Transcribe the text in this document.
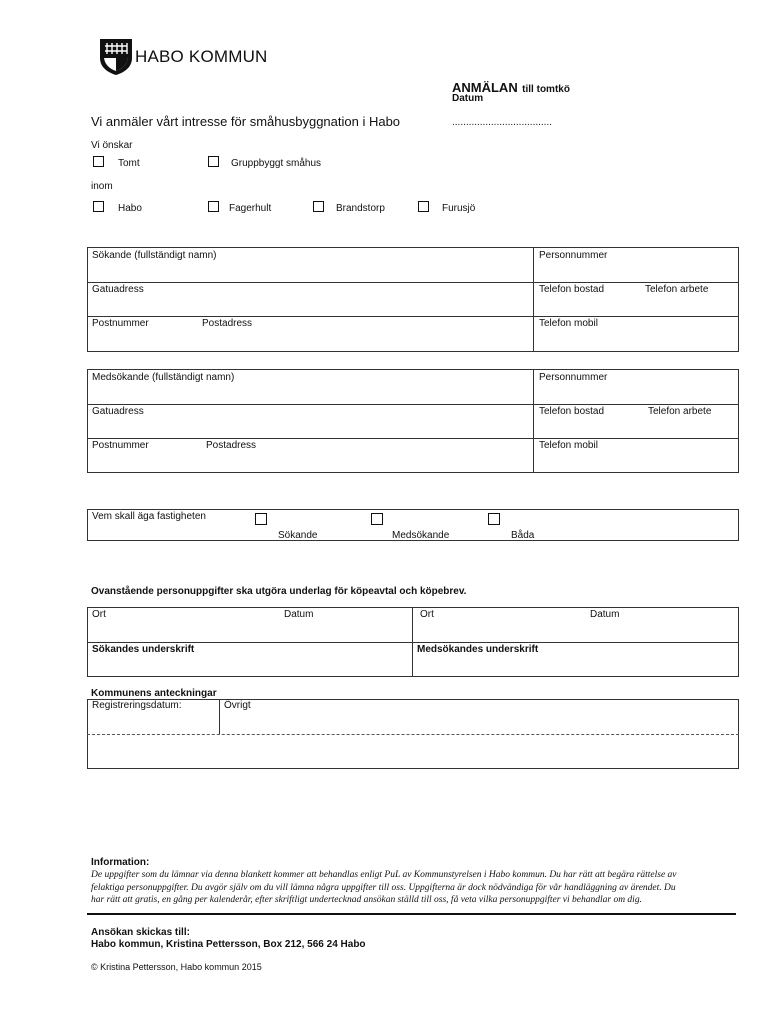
HABO KOMMUN
ANMÄLAN till tomtkö
Datum
Vi anmäler vårt intresse för småhusbyggnation i Habo	....................................
Vi önskar
Tomt	Gruppbyggt småhus
inom
Habo	Fagerhult	Brandstorp	Furusjö
Sökande (fullständigt namn)	Personnummer
Gatuadress	Telefon bostad	Telefon arbete
Postnummer	Postadress	Telefon mobil
Medsökande (fullständigt namn)	Personnummer
Gatuadress	Telefon bostad	Telefon arbete
Postnummer	Postadress	Telefon mobil
Vem skall äga fastigheten
Sökande	Medsökande	Båda
Ovanstående personuppgifter ska utgöra underlag för köpeavtal och köpebrev.
Ort	Datum	Ort	Datum
Sökandes underskrift	Medsökandes underskrift
Kommunens anteckningar
Registreringsdatum:	Övrigt
Information:
De uppgifter som du lämnar via denna blankett kommer att behandlas enligt PuL av Kommunstyrelsen i Habo kommun. Du har rätt att begära rättelse av
felaktiga personuppgifter. Du avgör själv om du vill lämna några uppgifter till oss. Uppgifterna är dock nödvändiga för vår handläggning av ärendet. Du
har rätt att gratis, en gång per kalenderår, efter skriftligt undertecknad ansökan ställd till oss, få veta vilka personuppgifter vi behandlar om dig.
Ansökan skickas till:
Habo kommun, Kristina Pettersson, Box 212, 566 24 Habo
© Kristina Pettersson, Habo kommun 2015
